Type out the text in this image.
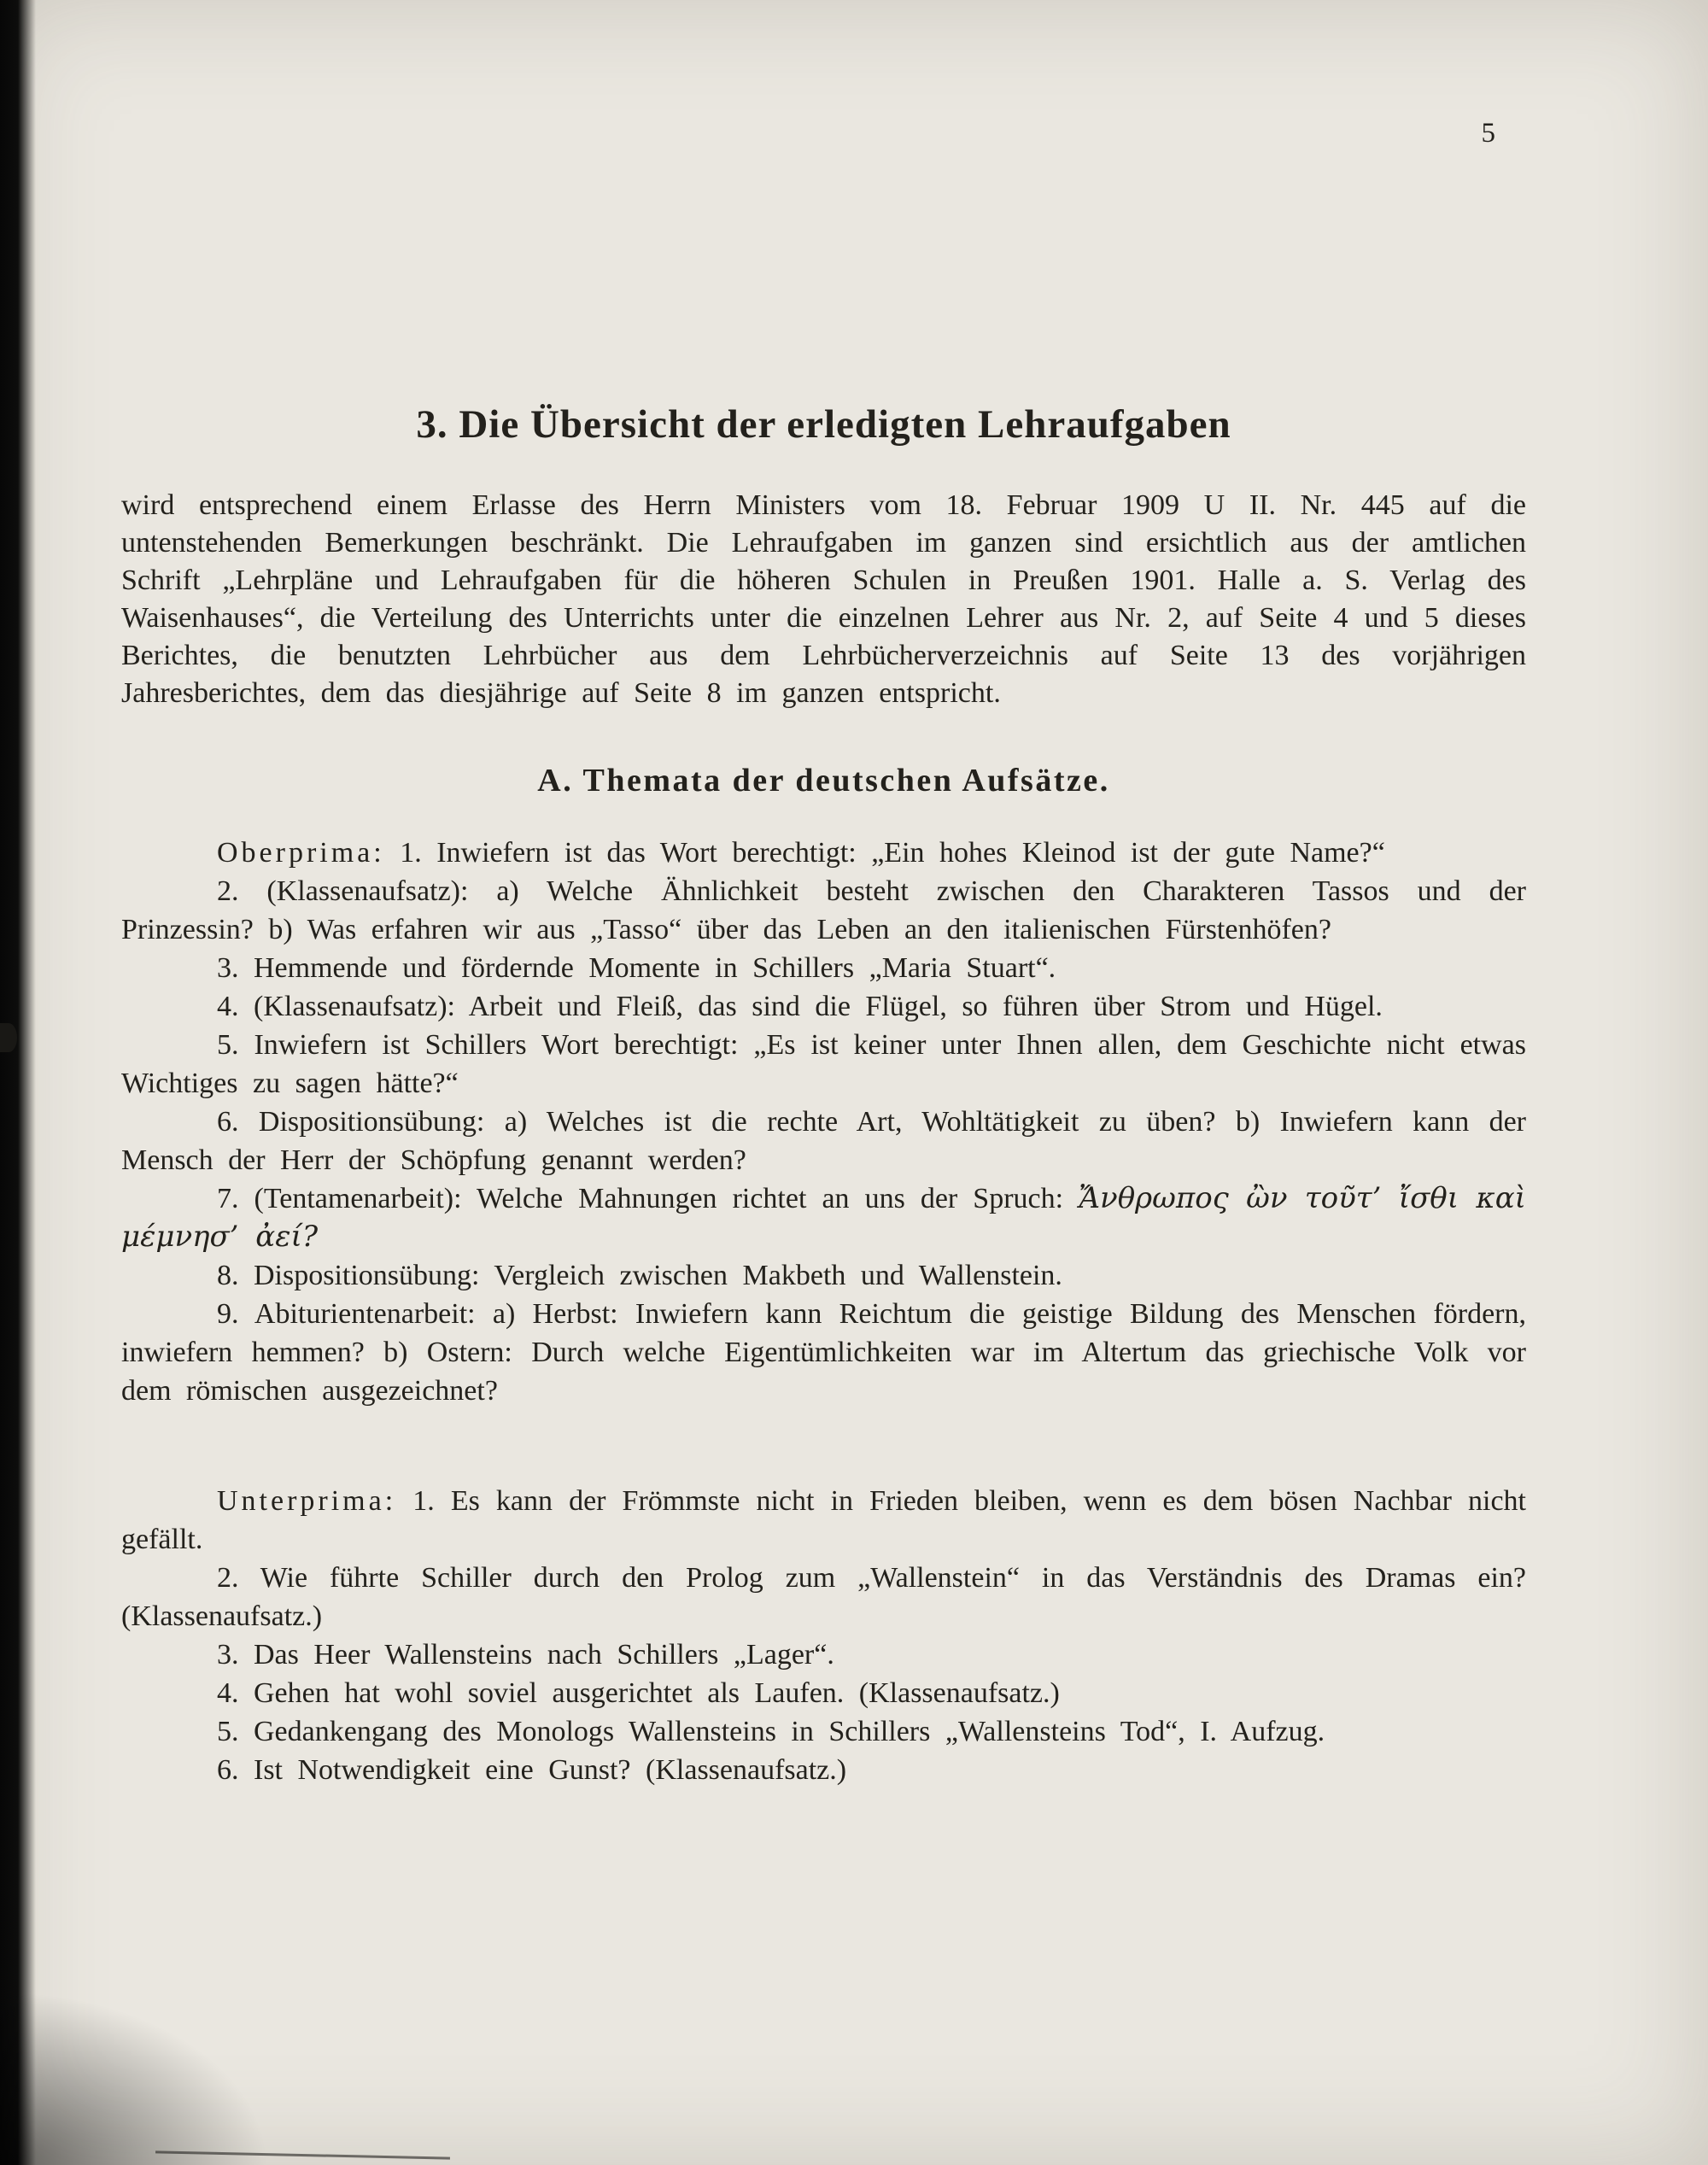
5
3. Die Übersicht der erledigten Lehraufgaben

wird entsprechend einem Erlasse des Herrn Ministers vom 18. Februar 1909 U II. Nr. 445 auf die untenstehenden Bemerkungen beschränkt. Die Lehraufgaben im ganzen sind ersichtlich aus der amtlichen Schrift „Lehrpläne und Lehraufgaben für die höheren Schulen in Preußen 1901. Halle a. S. Verlag des Waisenhauses“, die Verteilung des Unterrichts unter die einzelnen Lehrer aus Nr. 2, auf Seite 4 und 5 dieses Berichtes, die benutzten Lehrbücher aus dem Lehrbücherverzeichnis auf Seite 13 des vorjährigen Jahresberichtes, dem das diesjährige auf Seite 8 im ganzen entspricht.

A. Themata der deutschen Aufsätze.

Oberprima: 1. Inwiefern ist das Wort berechtigt: „Ein hohes Kleinod ist der gute Name?“

2. (Klassenaufsatz): a) Welche Ähnlichkeit besteht zwischen den Charakteren Tassos und der Prinzessin? b) Was erfahren wir aus „Tasso“ über das Leben an den italienischen Fürstenhöfen?

3. Hemmende und fördernde Momente in Schillers „Maria Stuart“.

4. (Klassenaufsatz): Arbeit und Fleiß, das sind die Flügel, so führen über Strom und Hügel.

5. Inwiefern ist Schillers Wort berechtigt: „Es ist keiner unter Ihnen allen, dem Geschichte nicht etwas Wichtiges zu sagen hätte?“

6. Dispositionsübung: a) Welches ist die rechte Art, Wohltätigkeit zu üben? b) Inwiefern kann der Mensch der Herr der Schöpfung genannt werden?

7. (Tentamenarbeit): Welche Mahnungen richtet an uns der Spruch: Ἄνθρωπος ὢν τοῦτ’ ἴσθι καὶ μέμνησ’ ἀεί?

8. Dispositionsübung: Vergleich zwischen Makbeth und Wallenstein.

9. Abiturientenarbeit: a) Herbst: Inwiefern kann Reichtum die geistige Bildung des Menschen fördern, inwiefern hemmen? b) Ostern: Durch welche Eigentümlichkeiten war im Altertum das griechische Volk vor dem römischen ausgezeichnet?

Unterprima: 1. Es kann der Frömmste nicht in Frieden bleiben, wenn es dem bösen Nachbar nicht gefällt.

2. Wie führte Schiller durch den Prolog zum „Wallenstein“ in das Verständnis des Dramas ein? (Klassenaufsatz.)

3. Das Heer Wallensteins nach Schillers „Lager“.

4. Gehen hat wohl soviel ausgerichtet als Laufen. (Klassenaufsatz.)

5. Gedankengang des Monologs Wallensteins in Schillers „Wallensteins Tod“, I. Aufzug.

6. Ist Notwendigkeit eine Gunst? (Klassenaufsatz.)
